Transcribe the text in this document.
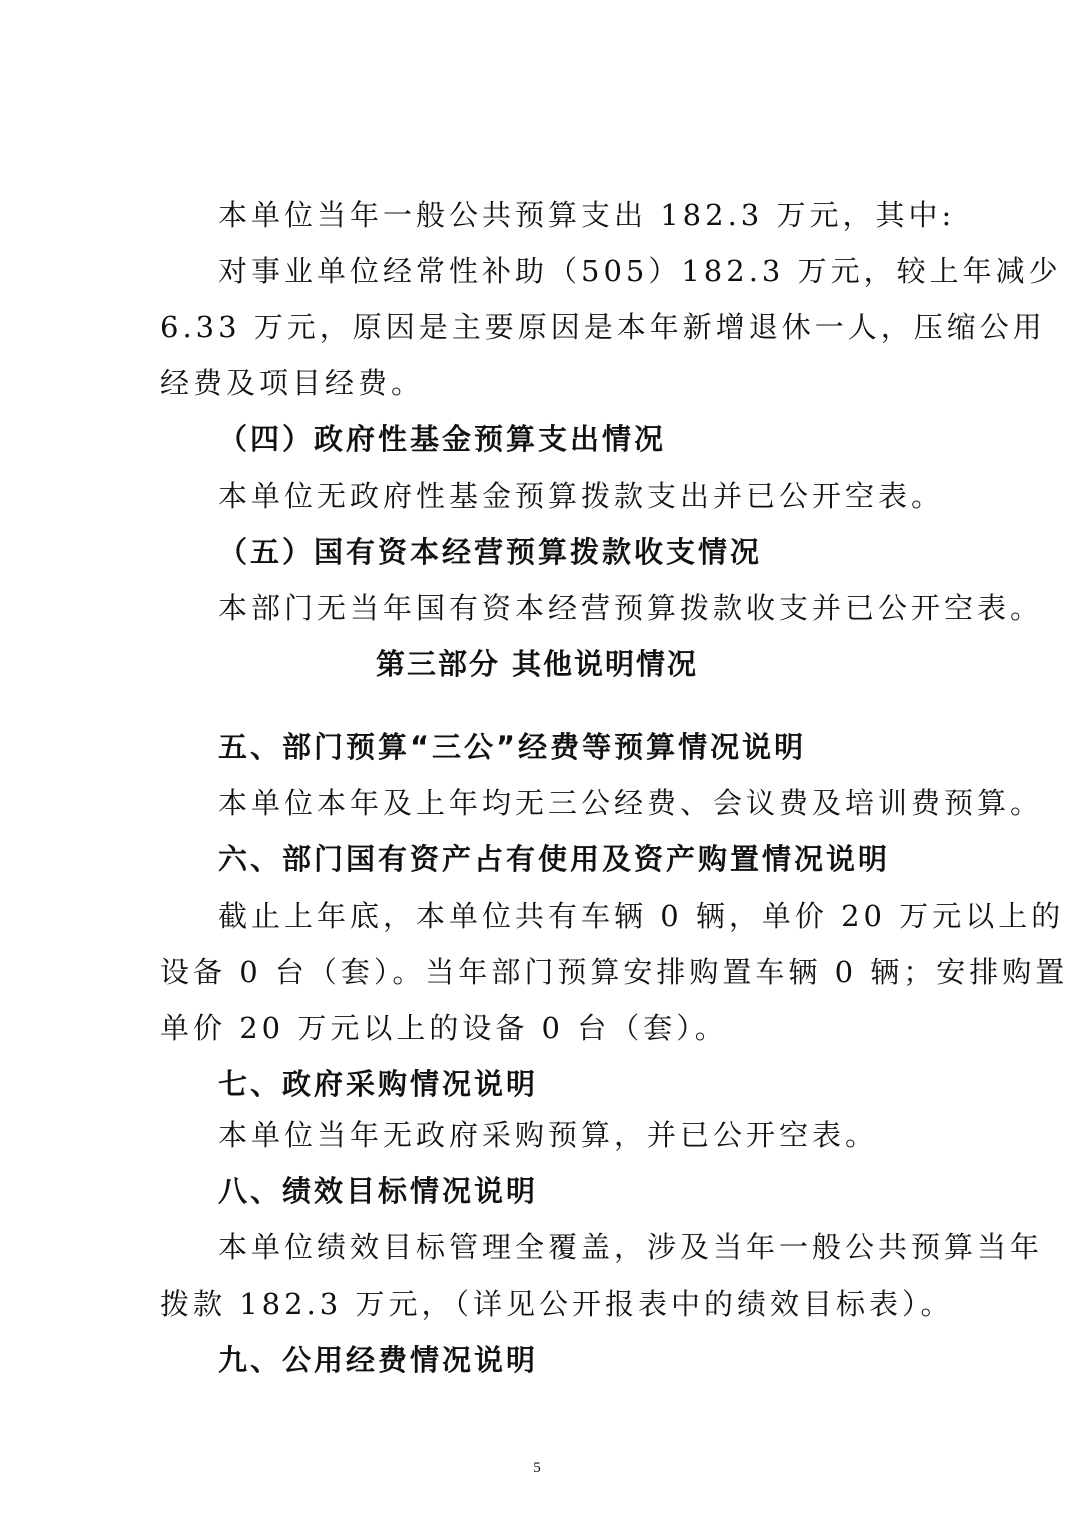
本单位当年一般公共预算支出 182.3 万元，其中:
对事业单位经常性补助（505）182.3 万元，较上年减少
6.33 万元，原因是主要原因是本年新增退休一人，压缩公用
经费及项目经费。
（四）政府性基金预算支出情况
本单位无政府性基金预算拨款支出并已公开空表。
（五）国有资本经营预算拨款收支情况
本部门无当年国有资本经营预算拨款收支并已公开空表。
第三部分 其他说明情况
五、部门预算“三公”经费等预算情况说明
本单位本年及上年均无三公经费、会议费及培训费预算。
六、部门国有资产占有使用及资产购置情况说明
截止上年底，本单位共有车辆 0 辆，单价 20 万元以上的
设备 0 台（套）。当年部门预算安排购置车辆 0 辆；安排购置
单价 20 万元以上的设备 0 台（套）。
七、政府采购情况说明
本单位当年无政府采购预算，并已公开空表。
八、绩效目标情况说明
本单位绩效目标管理全覆盖，涉及当年一般公共预算当年
拨款 182.3 万元，（详见公开报表中的绩效目标表）。
九、公用经费情况说明
5
